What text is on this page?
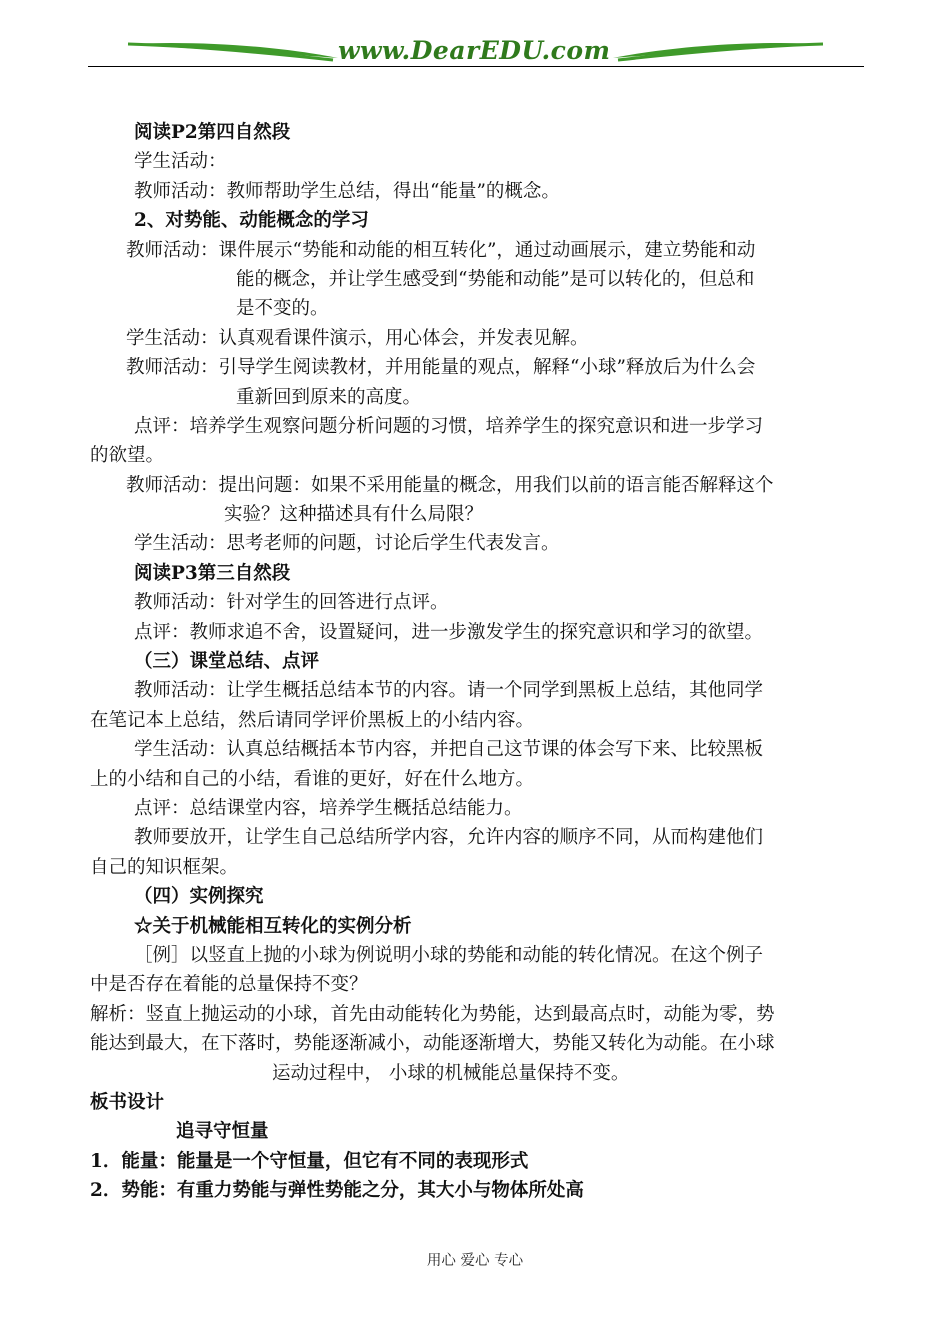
www.DearEDU.com
阅读P2第四自然段
学生活动：
教师活动：教师帮助学生总结，得出“能量”的概念。
2、对势能、动能概念的学习
教师活动：课件展示“势能和动能的相互转化”，通过动画展示，建立势能和动
能的概念，并让学生感受到“势能和动能”是可以转化的，但总和
是不变的。
学生活动：认真观看课件演示，用心体会，并发表见解。
教师活动：引导学生阅读教材，并用能量的观点，解释“小球”释放后为什么会
重新回到原来的高度。
点评：培养学生观察问题分析问题的习惯，培养学生的探究意识和进一步学习
的欲望。
教师活动：提出问题：如果不采用能量的概念，用我们以前的语言能否解释这个
实验？这种描述具有什么局限？
学生活动：思考老师的问题，讨论后学生代表发言。
阅读P3第三自然段
教师活动：针对学生的回答进行点评。
点评：教师求追不舍，设置疑问，进一步激发学生的探究意识和学习的欲望。
（三）课堂总结、点评
教师活动：让学生概括总结本节的内容。请一个同学到黑板上总结，其他同学
在笔记本上总结，然后请同学评价黑板上的小结内容。
学生活动：认真总结概括本节内容，并把自己这节课的体会写下来、比较黑板
上的小结和自己的小结，看谁的更好，好在什么地方。
点评：总结课堂内容，培养学生概括总结能力。
教师要放开，让学生自己总结所学内容，允许内容的顺序不同，从而构建他们
自己的知识框架。
（四）实例探究
☆关于机械能相互转化的实例分析
［例］以竖直上抛的小球为例说明小球的势能和动能的转化情况。在这个例子
中是否存在着能的总量保持不变？
解析：竖直上抛运动的小球，首先由动能转化为势能，达到最高点时，动能为零，势
能达到最大，在下落时，势能逐渐减小，动能逐渐增大，势能又转化为动能。在小球
运动过程中， 小球的机械能总量保持不变。
板书设计
追寻守恒量
1．能量：能量是一个守恒量，但它有不同的表现形式
2．势能：有重力势能与弹性势能之分，其大小与物体所处高
用心 爱心 专心
